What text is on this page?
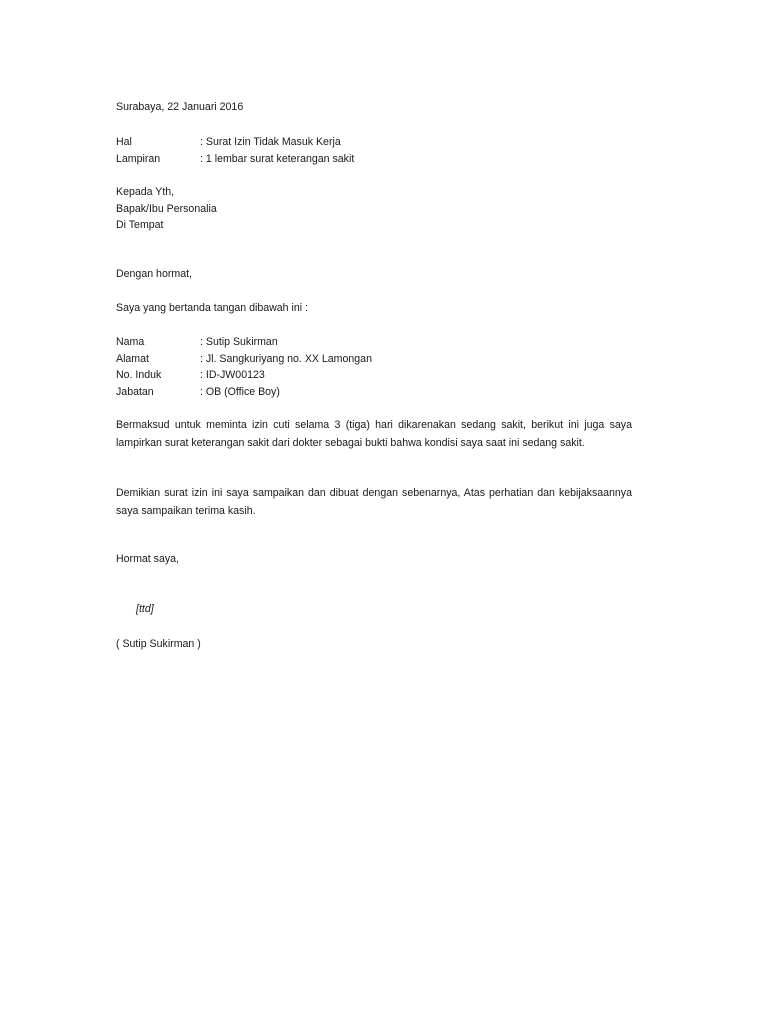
Surabaya, 22 Januari 2016
Hal	: Surat Izin Tidak Masuk Kerja
Lampiran	: 1 lembar surat keterangan sakit
Kepada Yth,
Bapak/Ibu Personalia
Di Tempat
Dengan hormat,
Saya yang bertanda tangan dibawah ini :
Nama	: Sutip Sukirman
Alamat	: Jl. Sangkuriyang no. XX Lamongan
No. Induk	: ID-JW00123
Jabatan	: OB (Office Boy)
Bermaksud untuk meminta izin cuti selama 3 (tiga) hari dikarenakan sedang sakit, berikut ini juga saya lampirkan surat keterangan sakit dari dokter sebagai bukti bahwa kondisi saya saat ini sedang sakit.
Demikian surat izin ini saya sampaikan dan dibuat dengan sebenarnya, Atas perhatian dan kebijaksaannya saya sampaikan terima kasih.
Hormat saya,
[ttd]
( Sutip Sukirman )
